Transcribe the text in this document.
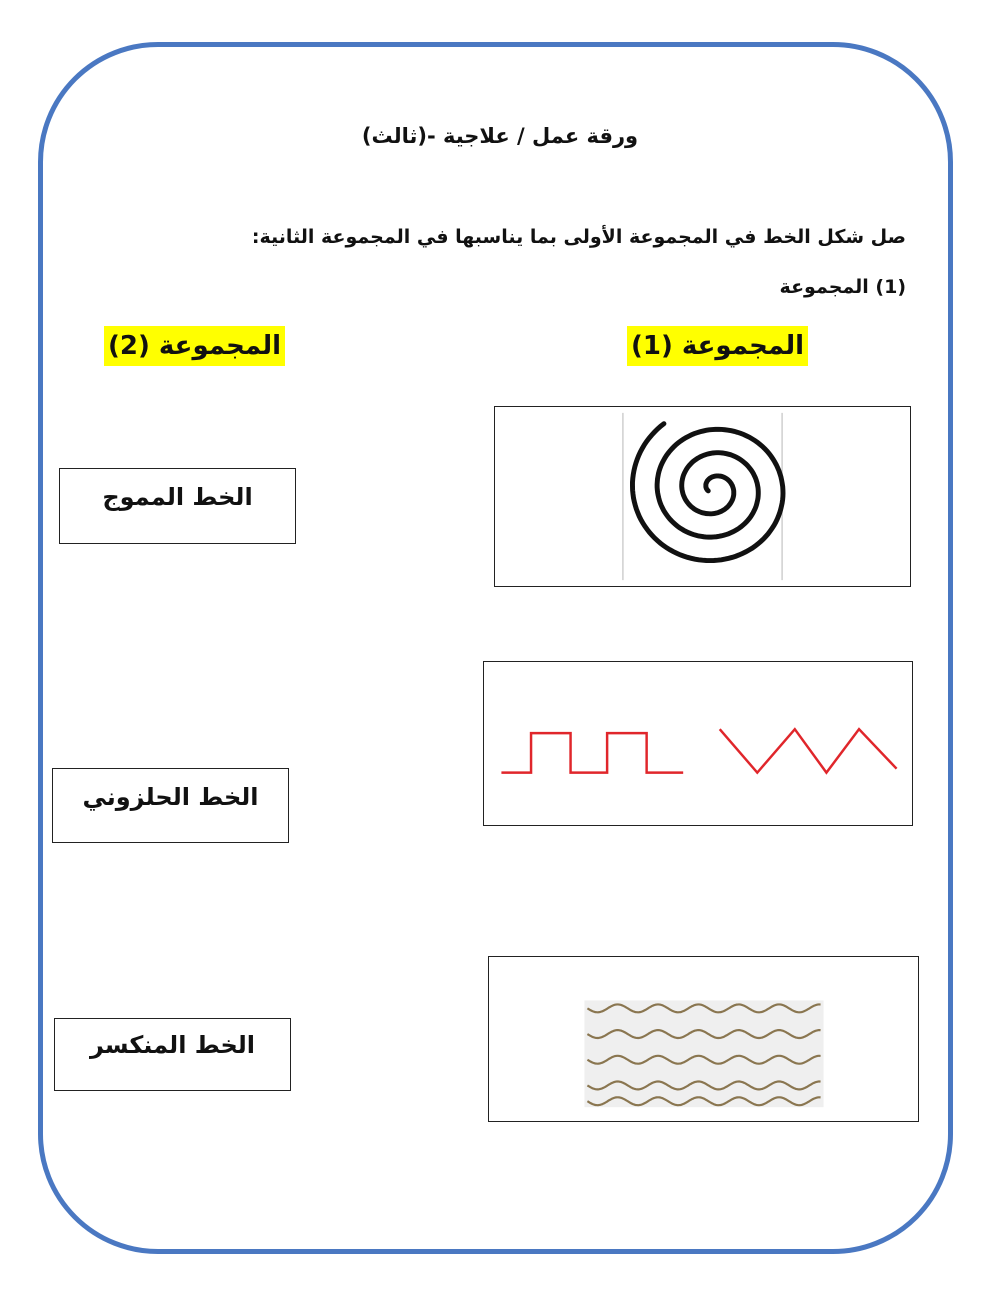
ورقة عمل / علاجية -(ثالث)
صل شكل الخط في المجموعة الأولى بما يناسبها في المجموعة الثانية:
(1) المجموعة
المجموعة (1)
المجموعة (2)
الخط المموج
الخط الحلزوني
الخط المنكسر
